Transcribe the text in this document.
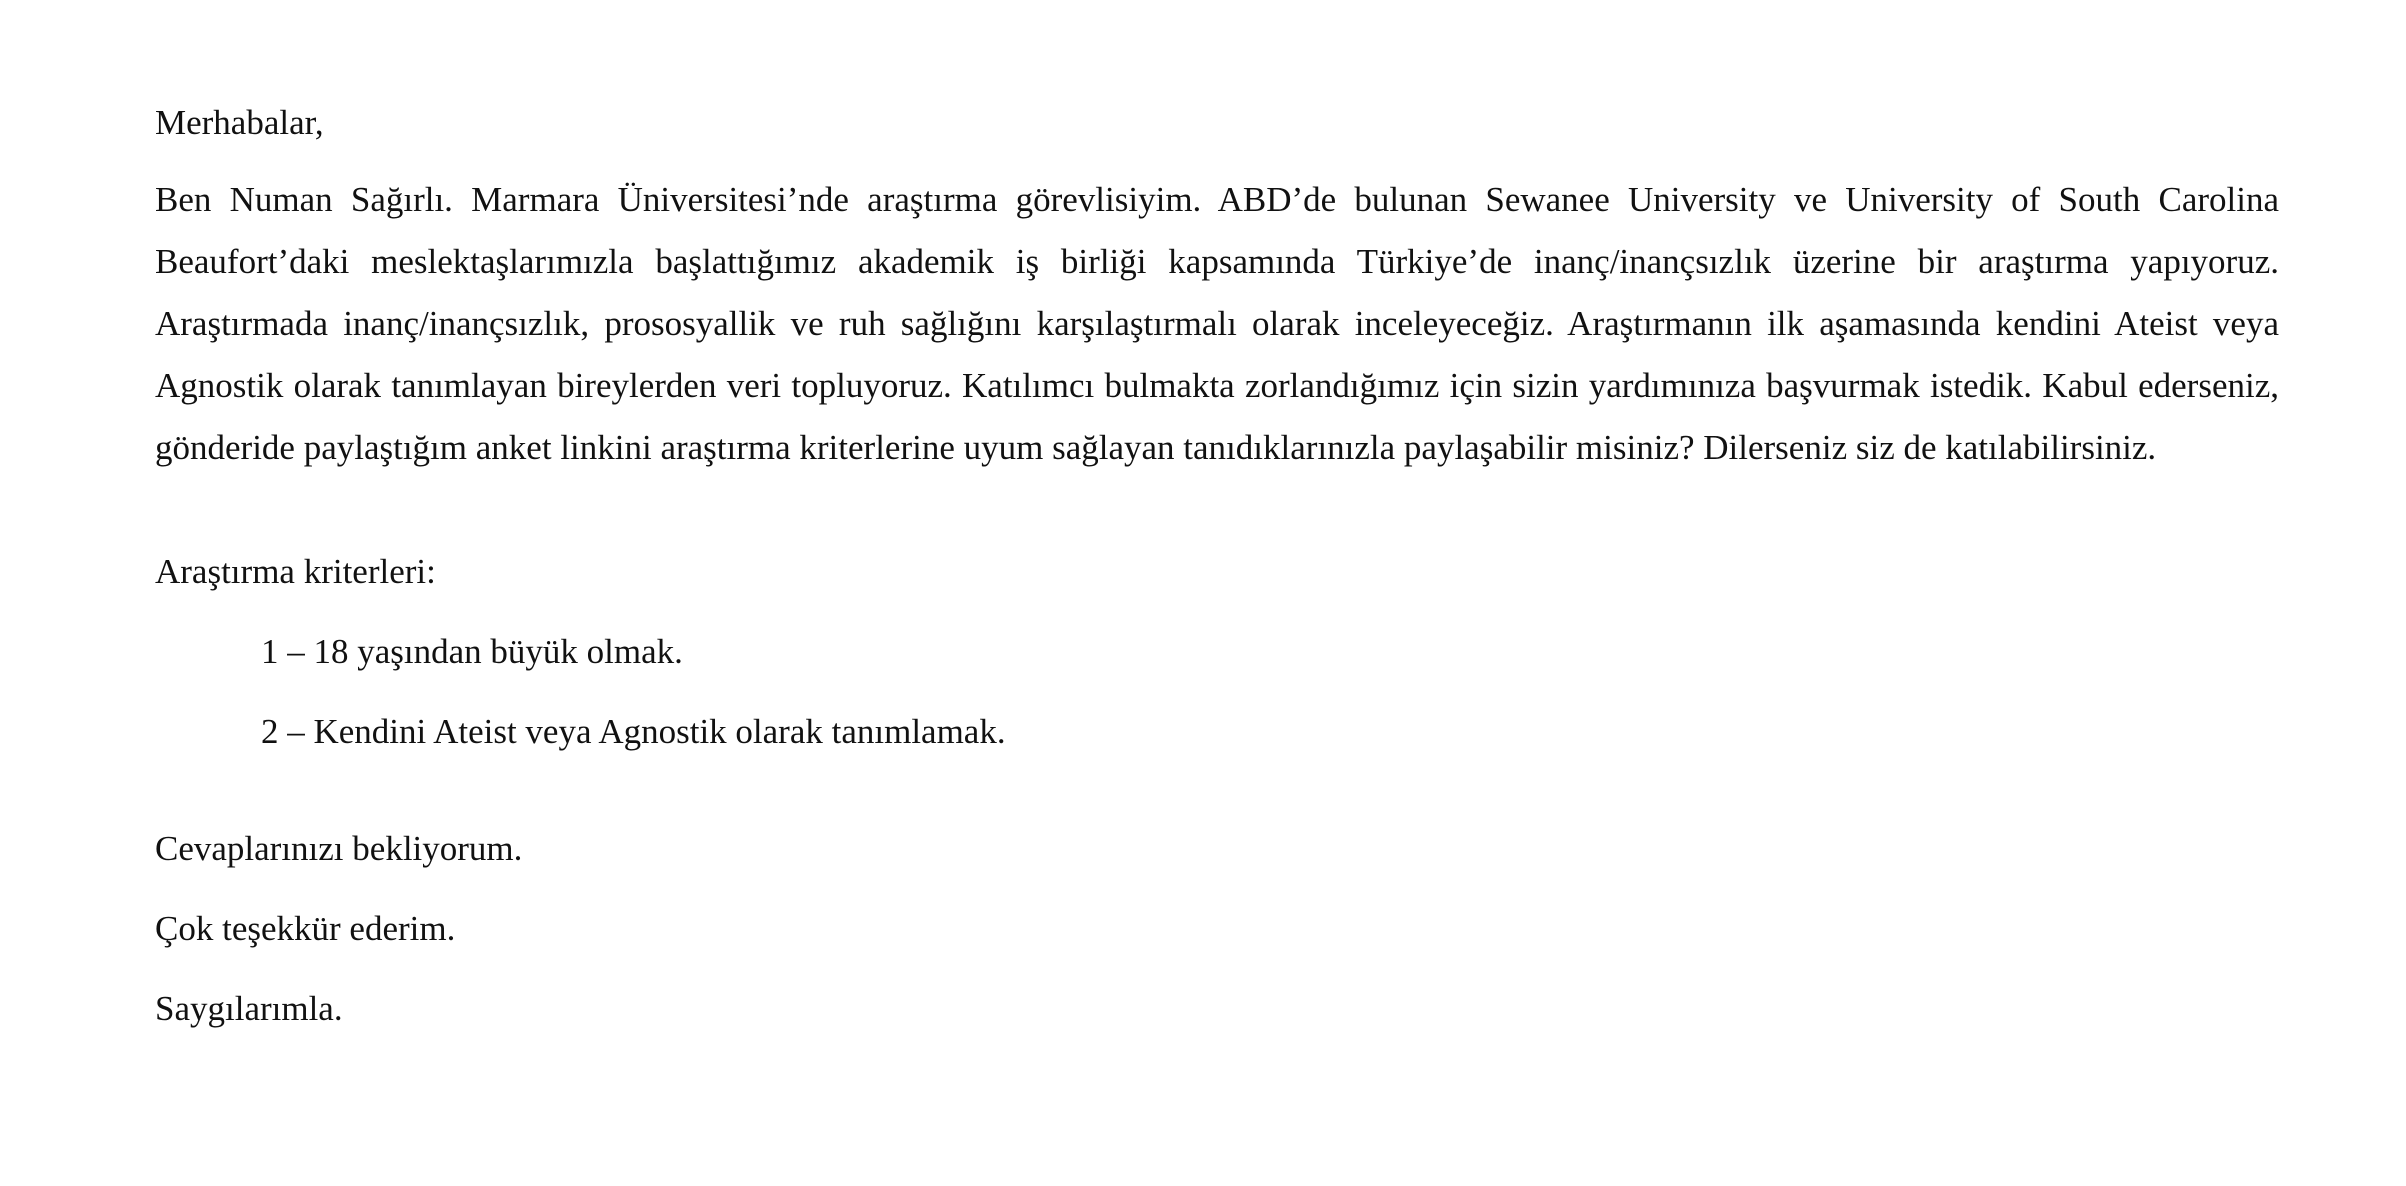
Merhabalar,

Ben Numan Sağırlı. Marmara Üniversitesi’nde araştırma görevlisiyim. ABD’de bulunan Sewanee University ve University of South Carolina Beaufort’daki meslektaşlarımızla başlattığımız akademik iş birliği kapsamında Türkiye’de inanç/inançsızlık üzerine bir araştırma yapıyoruz. Araştırmada inanç/inançsızlık, prososyallik ve ruh sağlığını karşılaştırmalı olarak inceleyeceğiz. Araştırmanın ilk aşamasında kendini Ateist veya Agnostik olarak tanımlayan bireylerden veri topluyoruz. Katılımcı bulmakta zorlandığımız için sizin yardımınıza başvurmak istedik. Kabul ederseniz, gönderide paylaştığım anket linkini araştırma kriterlerine uyum sağlayan tanıdıklarınızla paylaşabilir misiniz? Dilerseniz siz de katılabilirsiniz.

Araştırma kriterleri:

1 – 18 yaşından büyük olmak.

2 – Kendini Ateist veya Agnostik olarak tanımlamak.

Cevaplarınızı bekliyorum.

Çok teşekkür ederim.

Saygılarımla.
